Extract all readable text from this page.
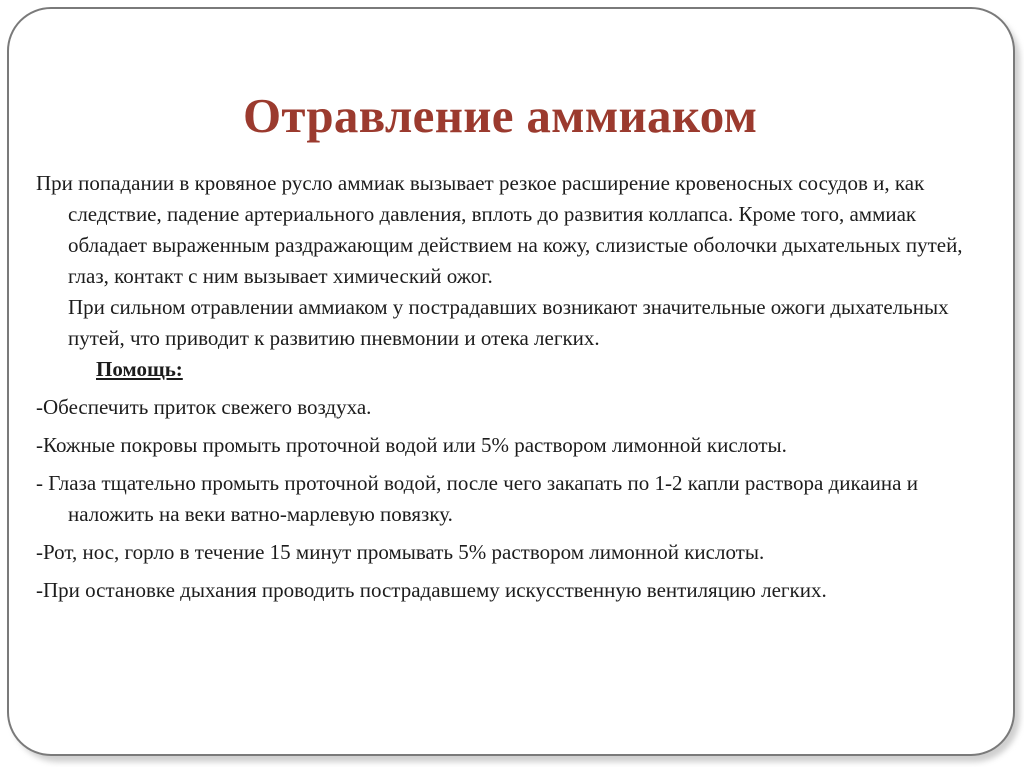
Отравление аммиаком

При попадании в кровяное русло аммиак вызывает резкое расширение кровеносных сосудов и, как следствие, падение артериального давления, вплоть до развития коллапса. Кроме того, аммиак обладает выраженным раздражающим действием на кожу, слизистые оболочки дыхательных путей, глаз, контакт с ним вызывает химический ожог.

При сильном отравлении аммиаком у пострадавших возникают значительные ожоги дыхательных путей, что приводит к развитию пневмонии и отека легких.

Помощь:

-Обеспечить приток свежего воздуха.

-Кожные покровы промыть проточной водой или 5% раствором лимонной кислоты.

- Глаза тщательно промыть проточной водой, после чего закапать по 1-2 капли раствора дикаина и наложить на веки ватно-марлевую повязку.

-Рот, нос, горло в течение 15 минут промывать 5% раствором лимонной кислоты.

-При остановке дыхания проводить пострадавшему искусственную вентиляцию легких.
